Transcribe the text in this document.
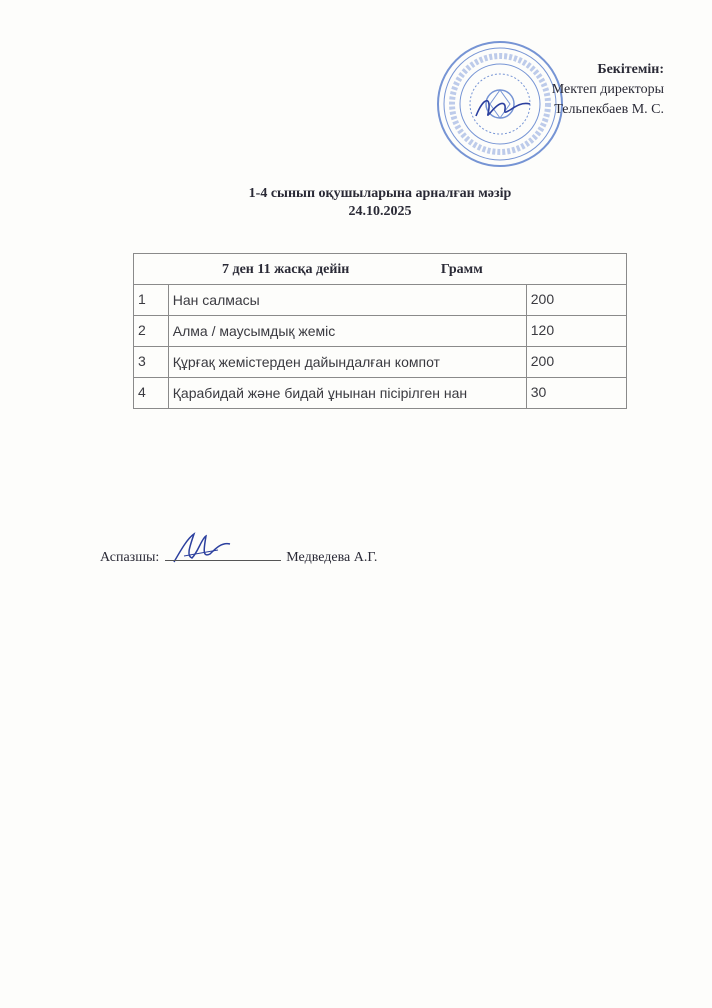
Бекітемін:
Мектеп директоры
Тельпекбаев М. С.
1-4 сынып оқушыларына арналған мәзір
24.10.2025
7 ден 11 жасқа дейін Грамм		
1	Нан салмасы	200
2	Алма / маусымдық жеміс	120
3	Құрғақ жемістерден дайындалған компот	200
4	Қарабидай және бидай ұнынан пісірілген нан	30
Аспазшы:	Медведева А.Г.
